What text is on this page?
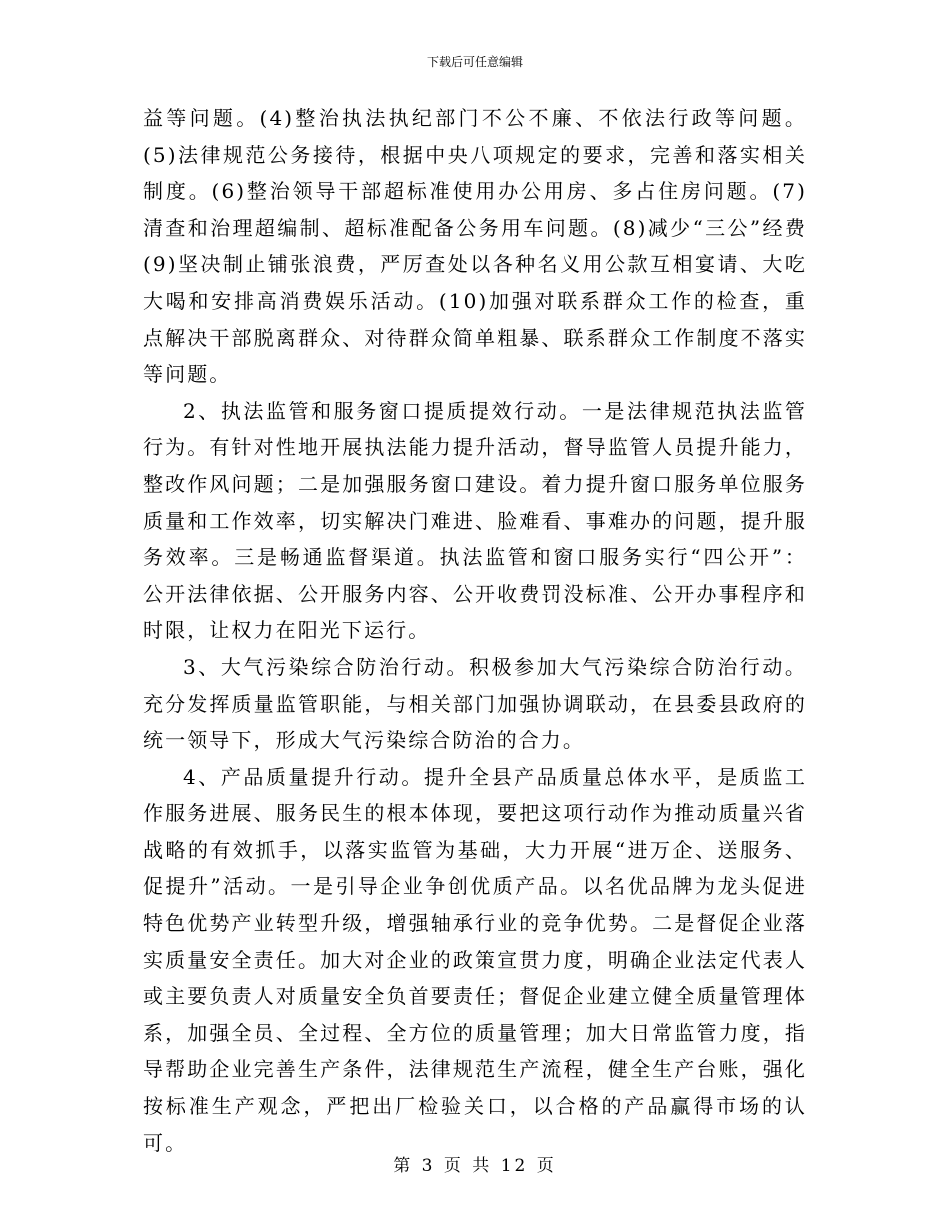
下载后可任意编辑

益等问题。(4)整治执法执纪部门不公不廉、不依法行政等问题。(5)法律规范公务接待，根据中央八项规定的要求，完善和落实相关制度。(6)整治领导干部超标准使用办公用房、多占住房问题。(7)清查和治理超编制、超标准配备公务用车问题。(8)减少“三公”经费(9)坚决制止铺张浪费，严厉查处以各种名义用公款互相宴请、大吃大喝和安排高消费娱乐活动。(10)加强对联系群众工作的检查，重点解决干部脱离群众、对待群众简单粗暴、联系群众工作制度不落实等问题。

2、执法监管和服务窗口提质提效行动。一是法律规范执法监管行为。有针对性地开展执法能力提升活动，督导监管人员提升能力，整改作风问题；二是加强服务窗口建设。着力提升窗口服务单位服务质量和工作效率，切实解决门难进、脸难看、事难办的问题，提升服务效率。三是畅通监督渠道。执法监管和窗口服务实行“四公开”：公开法律依据、公开服务内容、公开收费罚没标准、公开办事程序和时限，让权力在阳光下运行。

3、大气污染综合防治行动。积极参加大气污染综合防治行动。充分发挥质量监管职能，与相关部门加强协调联动，在县委县政府的统一领导下，形成大气污染综合防治的合力。

4、产品质量提升行动。提升全县产品质量总体水平，是质监工作服务进展、服务民生的根本体现，要把这项行动作为推动质量兴省战略的有效抓手，以落实监管为基础，大力开展“进万企、送服务、促提升”活动。一是引导企业争创优质产品。以名优品牌为龙头促进特色优势产业转型升级，增强轴承行业的竞争优势。二是督促企业落实质量安全责任。加大对企业的政策宣贯力度，明确企业法定代表人或主要负责人对质量安全负首要责任；督促企业建立健全质量管理体系，加强全员、全过程、全方位的质量管理；加大日常监管力度，指导帮助企业完善生产条件，法律规范生产流程，健全生产台账，强化按标准生产观念，严把出厂检验关口，以合格的产品赢得市场的认可。

第 3 页 共 12 页
